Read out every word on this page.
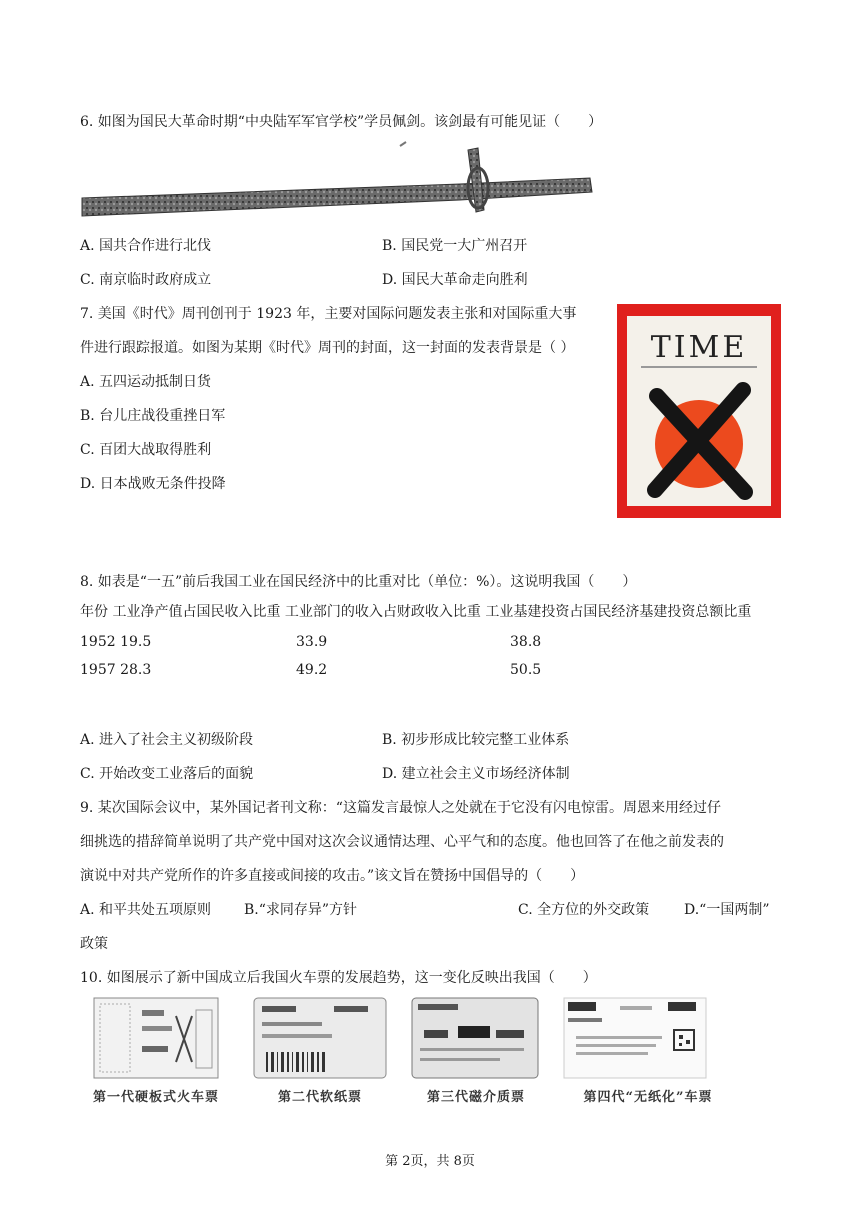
6. 如图为国民大革命时期“中央陆军军官学校”学员佩剑。该剑最有可能见证（　　）
A. 国共合作进行北伐	B. 国民党一大广州召开
C. 南京临时政府成立	D. 国民大革命走向胜利
7. 美国《时代》周刊创刊于 1923 年，主要对国际问题发表主张和对国际重大事
件进行跟踪报道。如图为某期《时代》周刊的封面，这一封面的发表背景是（ ）
A. 五四运动抵制日货
B. 台儿庄战役重挫日军
C. 百团大战取得胜利
D. 日本战败无条件投降
TIME
8. 如表是“一五”前后我国工业在国民经济中的比重对比（单位：%）。这说明我国（　　）
年份 工业净产值占国民收入比重 工业部门的收入占财政收入比重 工业基建投资占国民经济基建投资总额比重
1952 19.5	33.9	38.8
1957 28.3	49.2	50.5
A. 进入了社会主义初级阶段	B. 初步形成比较完整工业体系
C. 开始改变工业落后的面貌	D. 建立社会主义市场经济体制
9. 某次国际会议中，某外国记者刊文称：“这篇发言最惊人之处就在于它没有闪电惊雷。周恩来用经过仔
细挑选的措辞简单说明了共产党中国对这次会议通情达理、心平气和的态度。他也回答了在他之前发表的
演说中对共产党所作的许多直接或间接的攻击。”该文旨在赞扬中国倡导的（　　）
A. 和平共处五项原则 B.“求同存异”方针	C. 全方位的外交政策 D.“一国两制”
政策
10. 如图展示了新中国成立后我国火车票的发展趋势，这一变化反映出我国（　　）
第一代硬板式火车票	第二代软纸票	第三代磁介质票	第四代“无纸化”车票
第 2页，共 8页
